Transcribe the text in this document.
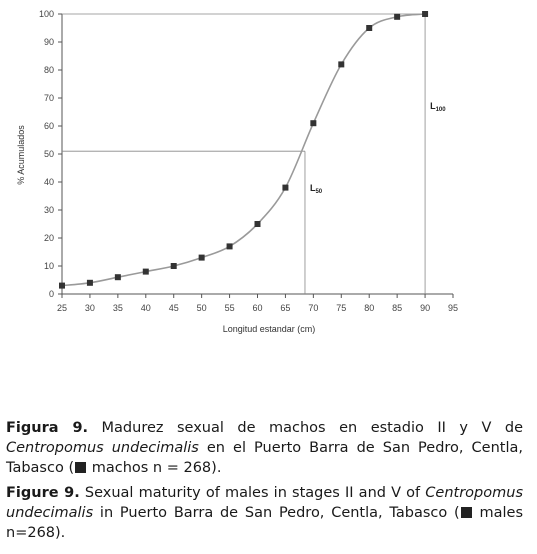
0
10
20
30
40
50
60
70
80
90
100
25 30 35 40 45 50 55 60 65 70 75 80 85 90 95
% Acumulados
Longitud estandar (cm)
$L_{50}$
$L_{100}$
Figura 9. Madurez sexual de machos en estadio II y V de Centropomus undecimalis en el Puerto Barra de San Pedro, Centla, Tabasco ( machos n = 268).
Figure 9. Sexual maturity of males in stages II and V of Centropomus undecimalis in Puerto Barra de San Pedro, Centla, Tabasco ( males n=268).
